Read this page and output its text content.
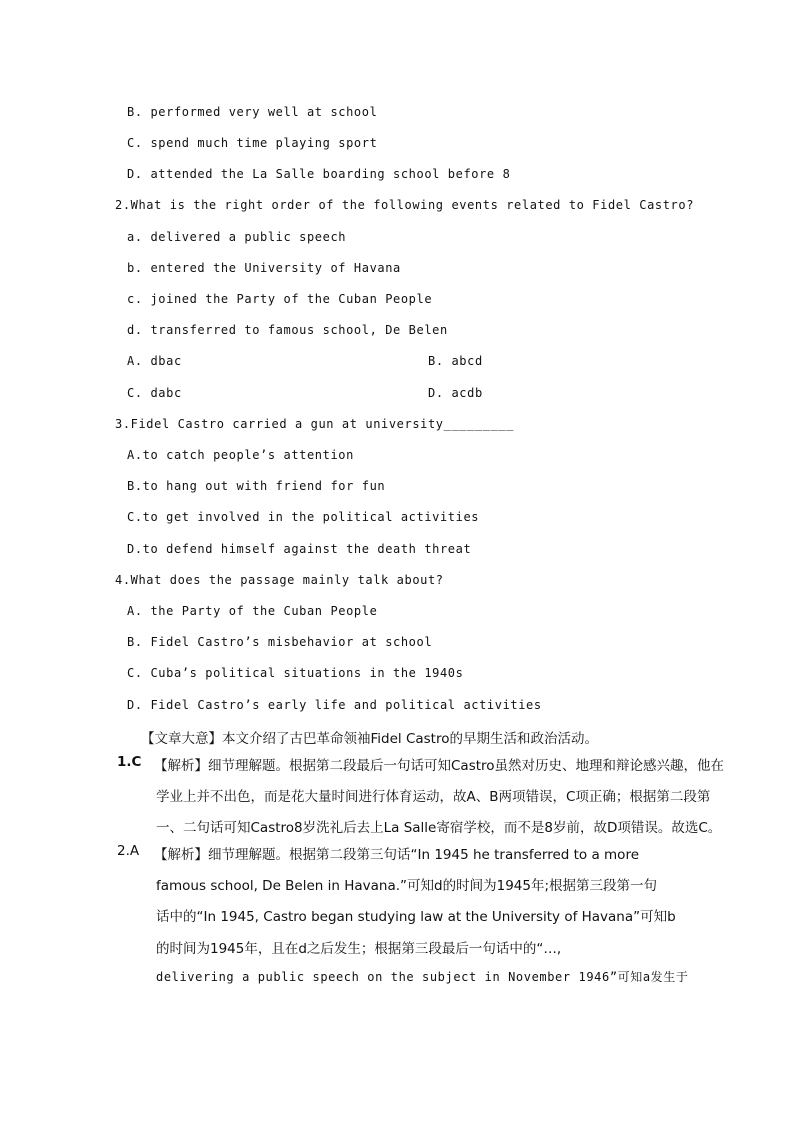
B. performed very well at school
C. spend much time playing sport
D. attended the La Salle boarding school before 8
2.What is the right order of the following events related to Fidel Castro?
a. delivered a public speech
b. entered the University of Havana
c. joined the Party of the Cuban People
d. transferred to famous school, De Belen
A. dbac	B. abcd
C. dabc	D. acdb
3.Fidel Castro carried a gun at university_________
A.to catch people’s attention
B.to hang out with friend for fun
C.to get involved in the political activities
D.to defend himself against the death threat
4.What does the passage mainly talk about?
A. the Party of the Cuban People
B. Fidel Castro’s misbehavior at school
C. Cuba’s political situations in the 1940s
D. Fidel Castro’s early life and political activities
【文章大意】本文介绍了古巴革命领袖Fidel Castro的早期生活和政治活动。
1.C 【解析】细节理解题。根据第二段最后一句话可知Castro虽然对历史、地理和辩论感兴趣，他在
学业上并不出色，而是花大量时间进行体育运动，故A、B两项错误，C项正确；根据第二段第
一、二句话可知Castro8岁洗礼后去上La Salle寄宿学校，而不是8岁前，故D项错误。故选C。
2.A 【解析】细节理解题。根据第二段第三句话“In 1945 he transferred to a more
famous school, De Belen in Havana.”可知d的时间为1945年;根据第三段第一句
话中的“In 1945, Castro began studying law at the University of Havana”可知b
的时间为1945年，且在d之后发生；根据第三段最后一句话中的“…,
delivering a public speech on the subject in November 1946”可知a发生于
